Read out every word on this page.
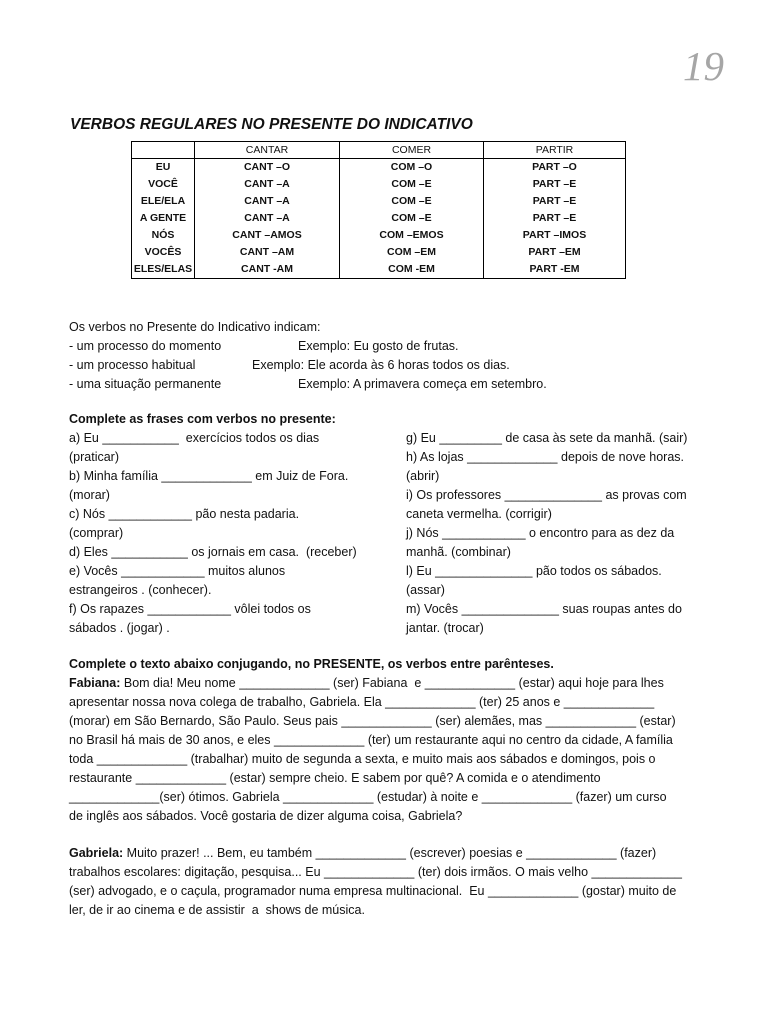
19
VERBOS REGULARES NO PRESENTE DO INDICATIVO
	CANTAR	COMER	PARTIR
EU	CANT –O	COM –O	PART –O
VOCÊ	CANT –A	COM –E	PART –E
ELE/ELA	CANT –A	COM –E	PART –E
A GENTE	CANT –A	COM –E	PART –E
NÓS	CANT –AMOS	COM –EMOS	PART –IMOS
VOCÊS	CANT –AM	COM –EM	PART –EM
ELES/ELAS	CANT -AM	COM -EM	PART -EM
Os verbos no Presente do Indicativo indicam:
- um processo do momento	Exemplo: Eu gosto de frutas.
- um processo habitual	Exemplo: Ele acorda às 6 horas todos os dias.
- uma situação permanente	Exemplo: A primavera começa em setembro.
Complete as frases com verbos no presente:
a) Eu ___________  exercícios todos os dias
(praticar)
b) Minha família _____________ em Juiz de Fora.
(morar)
c) Nós ____________ pão nesta padaria.
(comprar)
d) Eles ___________ os jornais em casa.  (receber)
e) Vocês ____________ muitos alunos
estrangeiros . (conhecer).
f) Os rapazes ____________ vôlei todos os
sábados . (jogar) .
g) Eu _________ de casa às sete da manhã. (sair)
h) As lojas _____________ depois de nove horas.
(abrir)
i) Os professores ______________ as provas com
caneta vermelha. (corrigir)
j) Nós ____________ o encontro para as dez da
manhã. (combinar)
l) Eu ______________ pão todos os sábados.
(assar)
m) Vocês ______________ suas roupas antes do
jantar. (trocar)
Complete o texto abaixo conjugando, no PRESENTE, os verbos entre parênteses.
Fabiana: Bom dia! Meu nome _____________ (ser) Fabiana  e _____________ (estar) aqui hoje para lhes
apresentar nossa nova colega de trabalho, Gabriela. Ela _____________ (ter) 25 anos e _____________
(morar) em São Bernardo, São Paulo. Seus pais _____________ (ser) alemães, mas _____________ (estar)
no Brasil há mais de 30 anos, e eles _____________ (ter) um restaurante aqui no centro da cidade, A família
toda _____________ (trabalhar) muito de segunda a sexta, e muito mais aos sábados e domingos, pois o
restaurante _____________ (estar) sempre cheio. E sabem por quê? A comida e o atendimento
_____________(ser) ótimos. Gabriela _____________ (estudar) à noite e _____________ (fazer) um curso
de inglês aos sábados. Você gostaria de dizer alguma coisa, Gabriela?
Gabriela: Muito prazer! ... Bem, eu também _____________ (escrever) poesias e _____________ (fazer)
trabalhos escolares: digitação, pesquisa... Eu _____________ (ter) dois irmãos. O mais velho _____________
(ser) advogado, e o caçula, programador numa empresa multinacional.  Eu _____________ (gostar) muito de
ler, de ir ao cinema e de assistir  a  shows de música.
